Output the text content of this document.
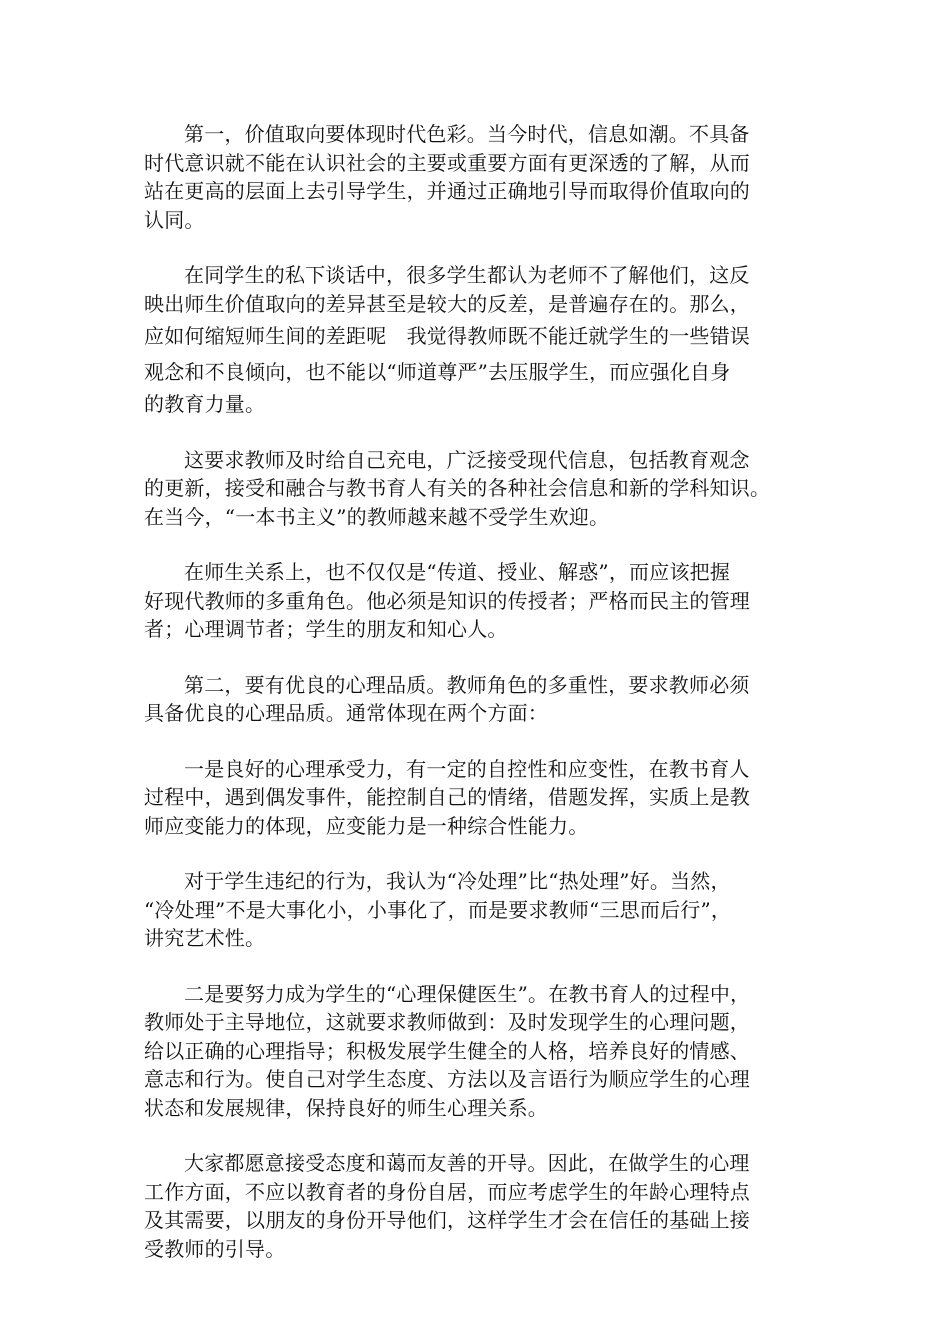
第一，价值取向要体现时代色彩。当今时代，信息如潮。不具备
时代意识就不能在认识社会的主要或重要方面有更深透的了解，从而
站在更高的层面上去引导学生，并通过正确地引导而取得价值取向的
认同。

在同学生的私下谈话中，很多学生都认为老师不了解他们，这反
映出师生价值取向的差异甚至是较大的反差，是普遍存在的。那么，
应如何缩短师生间的差距呢　我觉得教师既不能迁就学生的一些错误
观念和不良倾向，也不能以“师道尊严”去压服学生，而应强化自身
的教育力量。

这要求教师及时给自己充电，广泛接受现代信息，包括教育观念
的更新，接受和融合与教书育人有关的各种社会信息和新的学科知识。
在当今，“一本书主义”的教师越来越不受学生欢迎。

在师生关系上，也不仅仅是“传道、授业、解惑”，而应该把握
好现代教师的多重角色。他必须是知识的传授者；严格而民主的管理
者；心理调节者；学生的朋友和知心人。

第二，要有优良的心理品质。教师角色的多重性，要求教师必须
具备优良的心理品质。通常体现在两个方面：

一是良好的心理承受力，有一定的自控性和应变性，在教书育人
过程中，遇到偶发事件，能控制自己的情绪，借题发挥，实质上是教
师应变能力的体现，应变能力是一种综合性能力。

对于学生违纪的行为，我认为“冷处理”比“热处理”好。当然，
“冷处理”不是大事化小，小事化了，而是要求教师“三思而后行”，
讲究艺术性。

二是要努力成为学生的“心理保健医生”。在教书育人的过程中，
教师处于主导地位，这就要求教师做到：及时发现学生的心理问题，
给以正确的心理指导；积极发展学生健全的人格，培养良好的情感、
意志和行为。使自己对学生态度、方法以及言语行为顺应学生的心理
状态和发展规律，保持良好的师生心理关系。

大家都愿意接受态度和蔼而友善的开导。因此，在做学生的心理
工作方面，不应以教育者的身份自居，而应考虑学生的年龄心理特点
及其需要，以朋友的身份开导他们，这样学生才会在信任的基础上接
受教师的引导。
